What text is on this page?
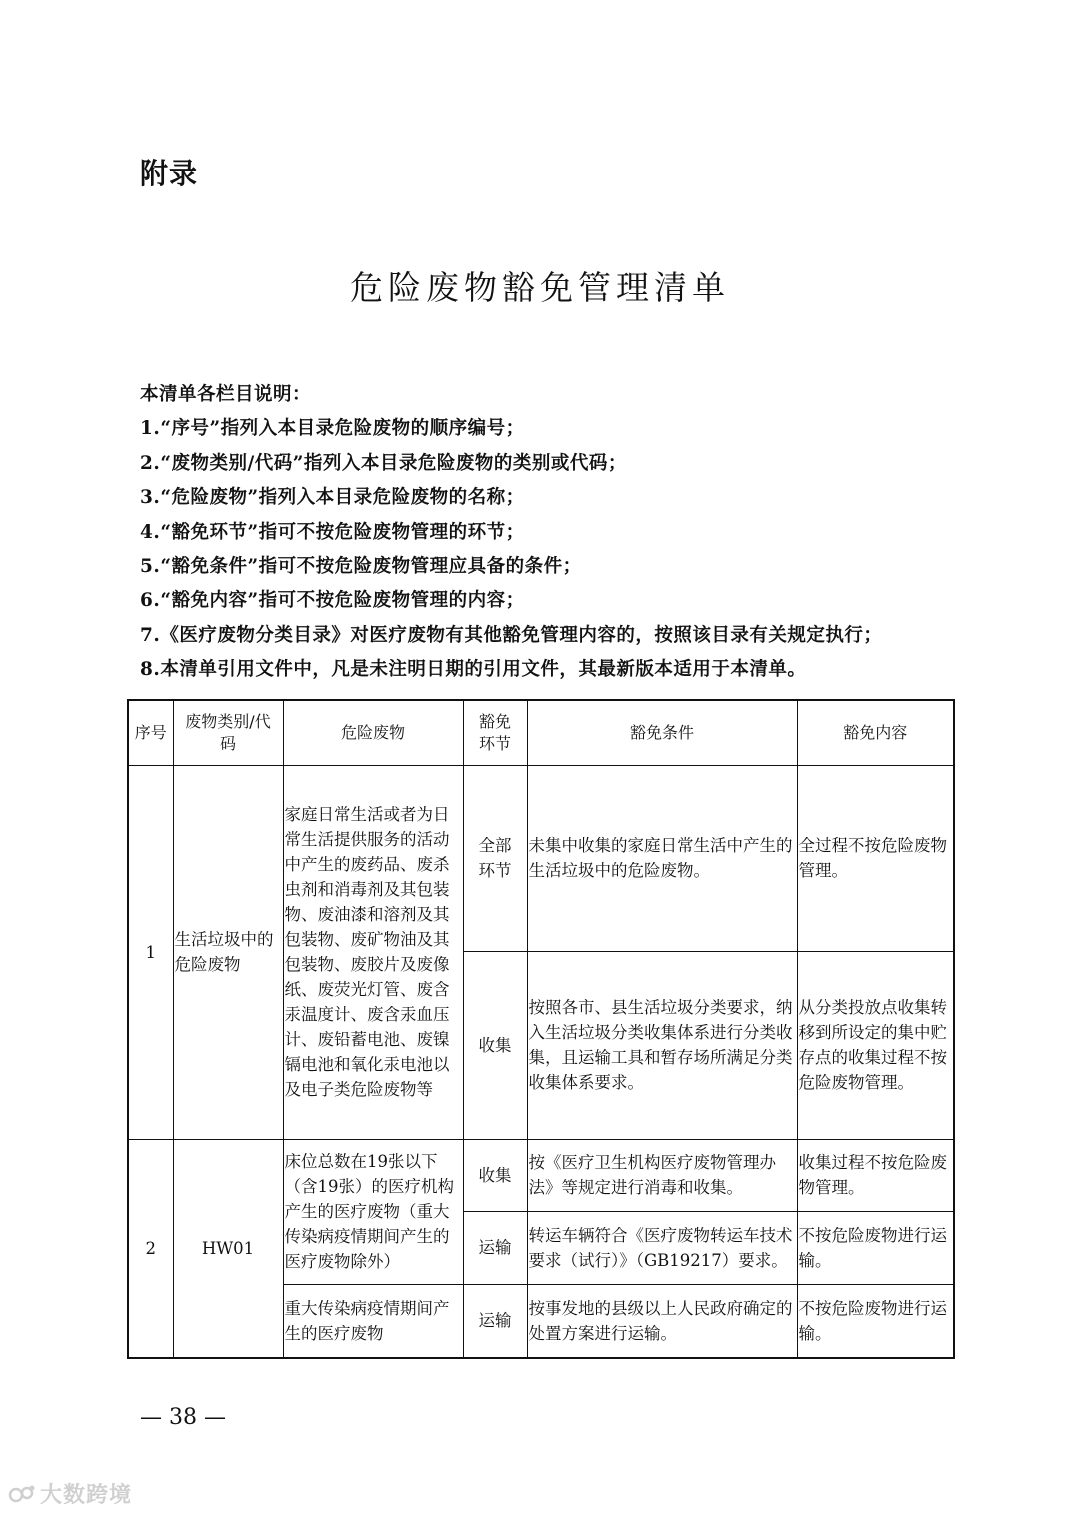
附录
危险废物豁免管理清单
本清单各栏目说明：
1.“序号”指列入本目录危险废物的顺序编号；
2.“废物类别/代码”指列入本目录危险废物的类别或代码；
3.“危险废物”指列入本目录危险废物的名称；
4.“豁免环节”指可不按危险废物管理的环节；
5.“豁免条件”指可不按危险废物管理应具备的条件；
6.“豁免内容”指可不按危险废物管理的内容；
7.《医疗废物分类目录》对医疗废物有其他豁免管理内容的，按照该目录有关规定执行；
8.本清单引用文件中，凡是未注明日期的引用文件，其最新版本适用于本清单。
序号	废物类别/代码	危险废物	豁免环节	豁免条件	豁免内容
1	生活垃圾中的危险废物	家庭日常生活或者为日常生活提供服务的活动中产生的废药品、废杀虫剂和消毒剂及其包装物、废油漆和溶剂及其包装物、废矿物油及其包装物、废胶片及废像纸、废荧光灯管、废含汞温度计、废含汞血压计、废铅蓄电池、废镍镉电池和氧化汞电池以及电子类危险废物等	全部环节	未集中收集的家庭日常生活中产生的生活垃圾中的危险废物。	全过程不按危险废物管理。
			收集	按照各市、县生活垃圾分类要求，纳入生活垃圾分类收集体系进行分类收集，且运输工具和暂存场所满足分类收集体系要求。	从分类投放点收集转移到所设定的集中贮存点的收集过程不按危险废物管理。
2	HW01	床位总数在19张以下（含19张）的医疗机构产生的医疗废物（重大传染病疫情期间产生的医疗废物除外）	收集	按《医疗卫生机构医疗废物管理办法》等规定进行消毒和收集。	收集过程不按危险废物管理。
			运输	转运车辆符合《医疗废物转运车技术要求（试行）》（GB19217）要求。	不按危险废物进行运输。
		重大传染病疫情期间产生的医疗废物	运输	按事发地的县级以上人民政府确定的处置方案进行运输。	不按危险废物进行运输。
— 38 —
大数跨境
